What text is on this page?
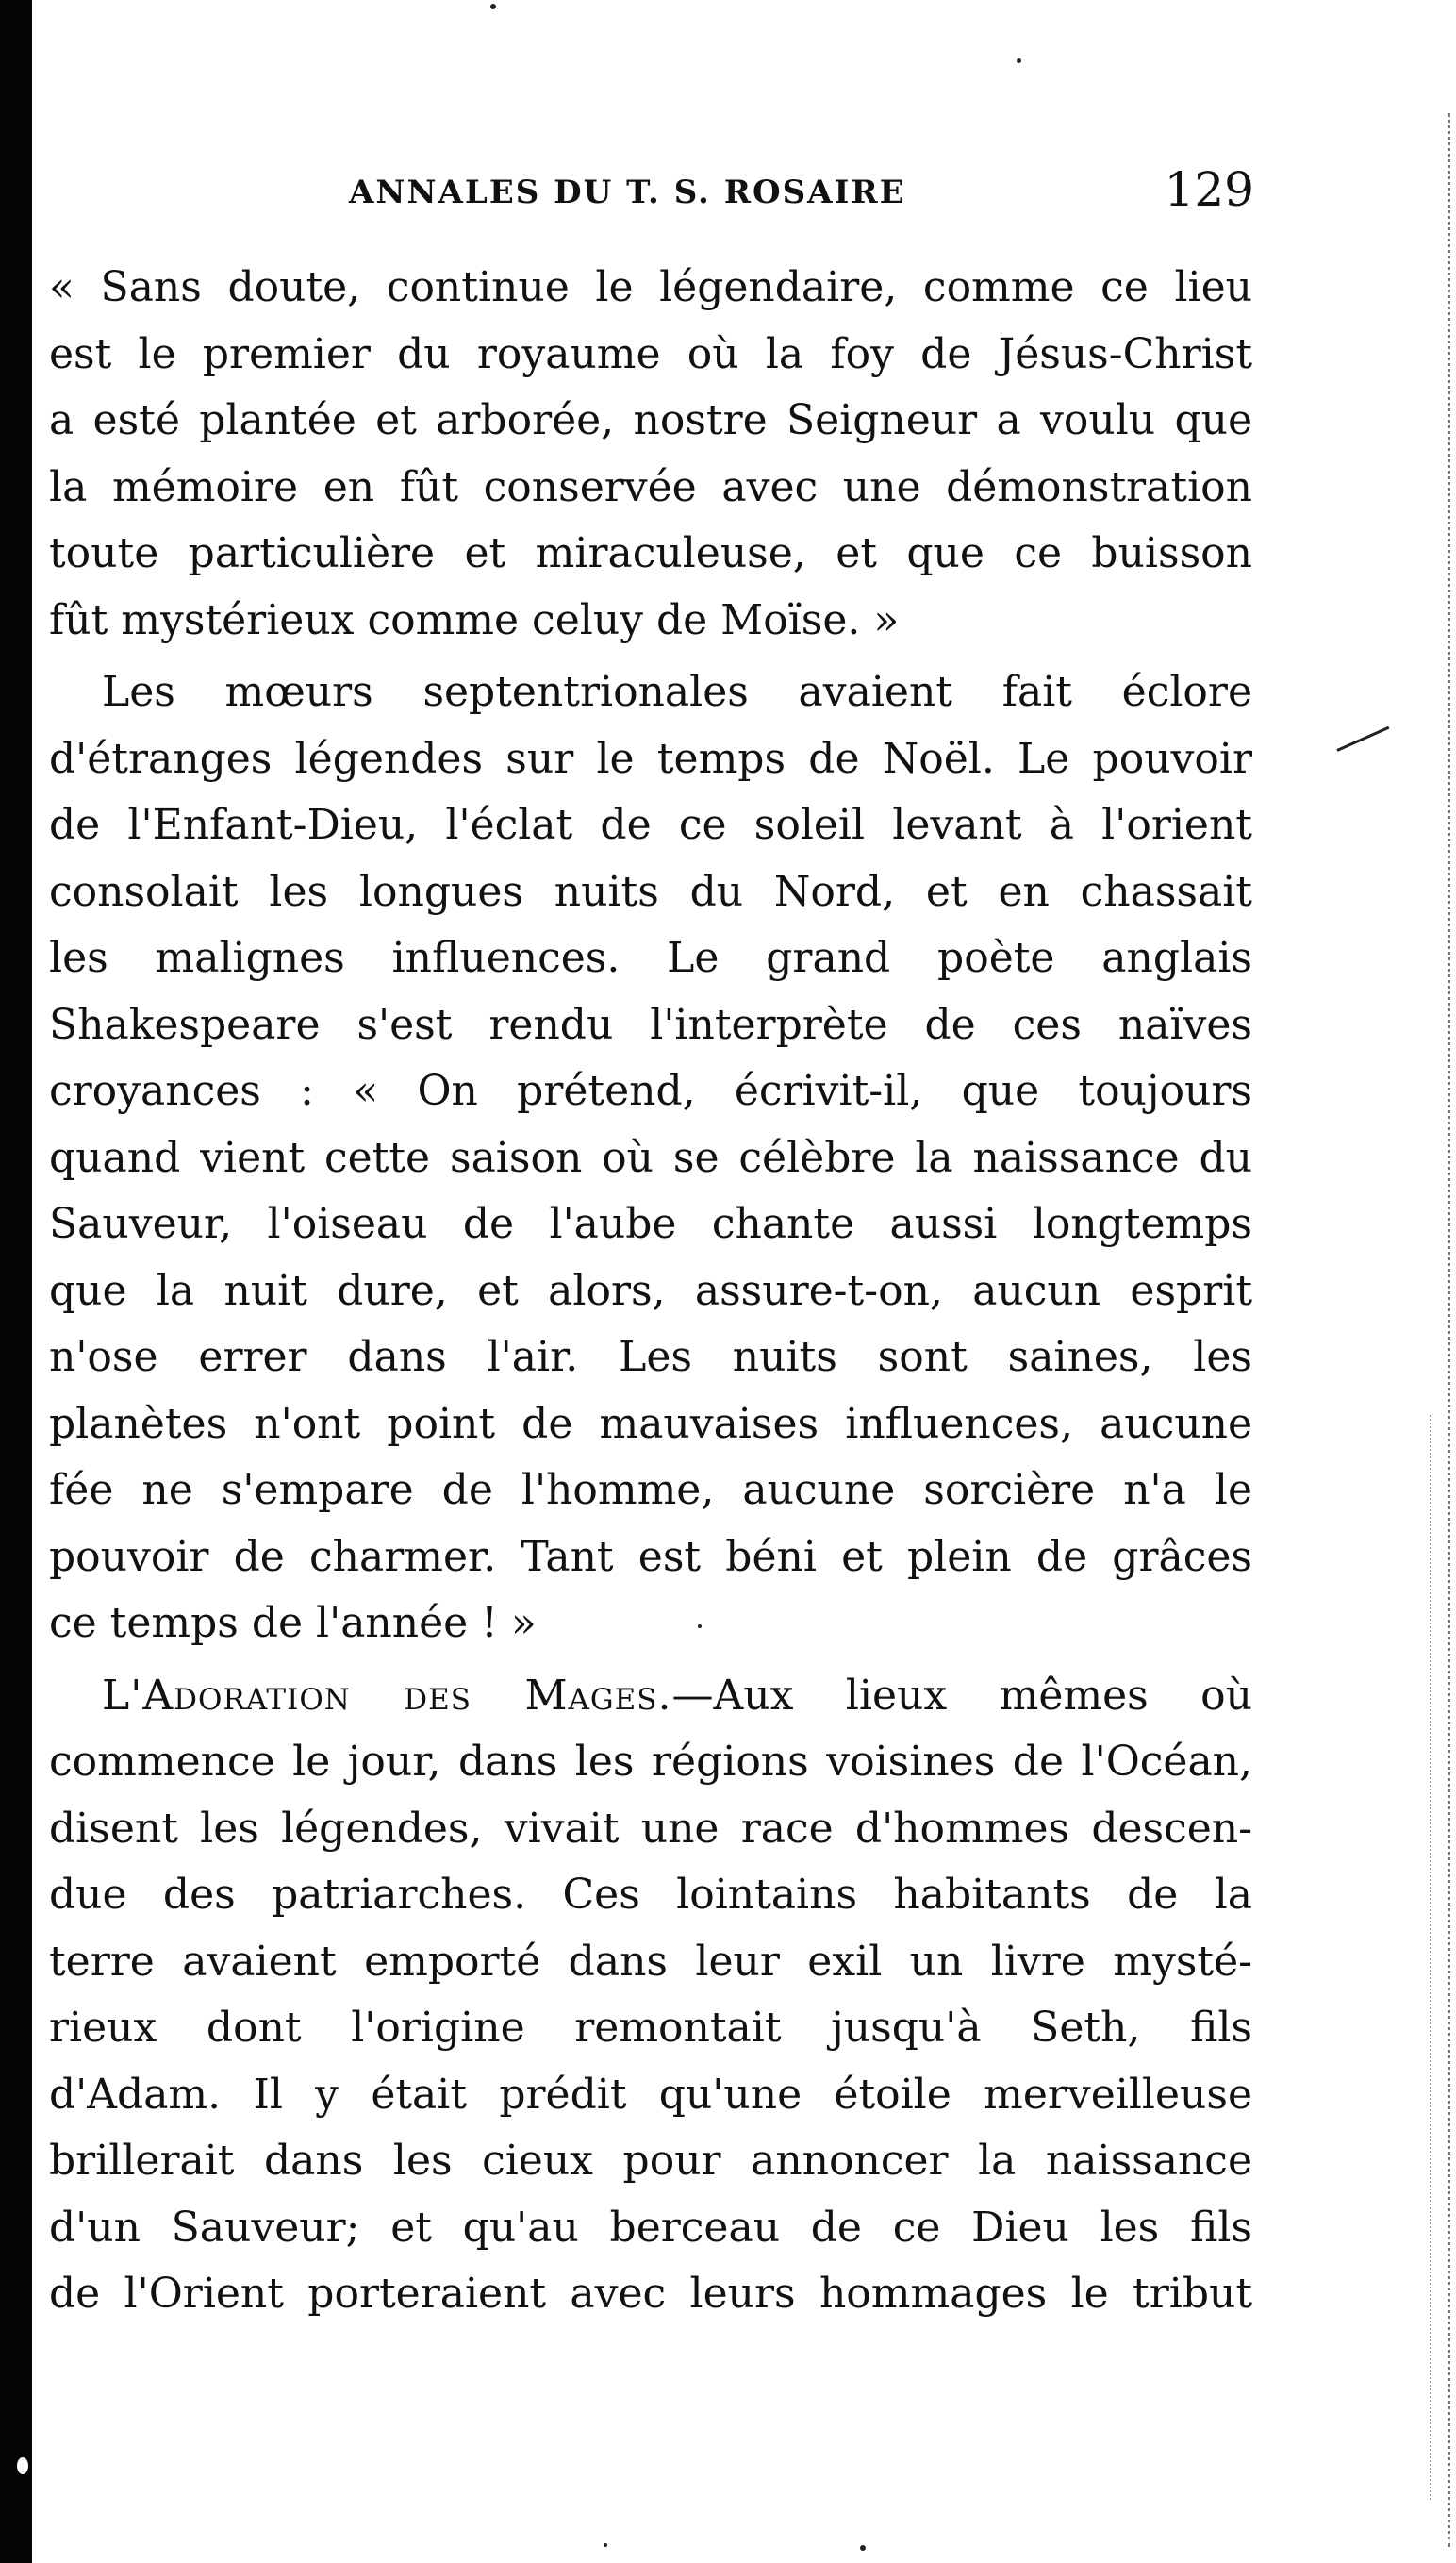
ANNALES DU T. S. ROSAIRE	129
« Sans doute, continue le légendaire, comme ce lieu
est le premier du royaume où la foy de Jésus-Christ
a esté plantée et arborée, nostre Seigneur a voulu que
la mémoire en fût conservée avec une démonstration
toute particulière et miraculeuse, et que ce buisson
fût mystérieux comme celuy de Moïse. »
Les mœurs septentrionales avaient fait éclore
d'étranges légendes sur le temps de Noël. Le pouvoir
de l'Enfant-Dieu, l'éclat de ce soleil levant à l'orient
consolait les longues nuits du Nord, et en chassait
les malignes influences. Le grand poète anglais
Shakespeare s'est rendu l'interprète de ces naïves
croyances : « On prétend, écrivit-il, que toujours
quand vient cette saison où se célèbre la naissance du
Sauveur, l'oiseau de l'aube chante aussi longtemps
que la nuit dure, et alors, assure-t-on, aucun esprit
n'ose errer dans l'air. Les nuits sont saines, les
planètes n'ont point de mauvaises influences, aucune
fée ne s'empare de l'homme, aucune sorcière n'a le
pouvoir de charmer. Tant est béni et plein de grâces
ce temps de l'année ! »
L'Adoration des Mages.—Aux lieux mêmes où
commence le jour, dans les régions voisines de l'Océan,
disent les légendes, vivait une race d'hommes descen-
due des patriarches. Ces lointains habitants de la
terre avaient emporté dans leur exil un livre mysté-
rieux dont l'origine remontait jusqu'à Seth, fils
d'Adam. Il y était prédit qu'une étoile merveilleuse
brillerait dans les cieux pour annoncer la naissance
d'un Sauveur; et qu'au berceau de ce Dieu les fils
de l'Orient porteraient avec leurs hommages le tribut
